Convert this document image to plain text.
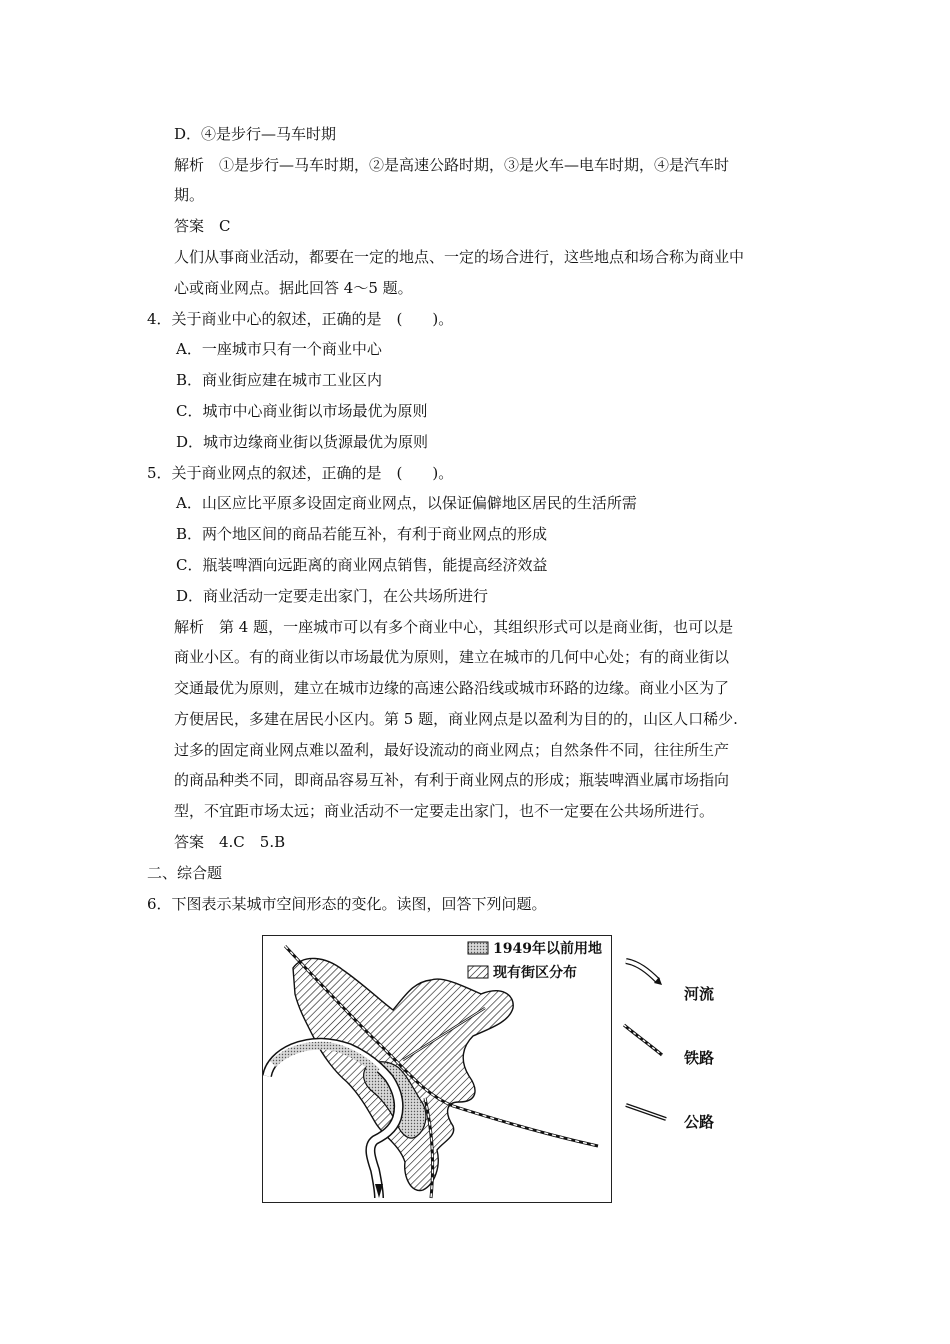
D．④是步行—马车时期
解析　①是步行—马车时期，②是高速公路时期，③是火车—电车时期，④是汽车时
期。
答案　C
人们从事商业活动，都要在一定的地点、一定的场合进行，这些地点和场合称为商业中
心或商业网点。据此回答 4～5 题。
4．关于商业中心的叙述，正确的是　(　　)。
A．一座城市只有一个商业中心
B．商业街应建在城市工业区内
C．城市中心商业街以市场最优为原则
D．城市边缘商业街以货源最优为原则
5．关于商业网点的叙述，正确的是　(　　)。
A．山区应比平原多设固定商业网点，以保证偏僻地区居民的生活所需
B．两个地区间的商品若能互补，有利于商业网点的形成
C．瓶装啤酒向远距离的商业网点销售，能提高经济效益
D．商业活动一定要走出家门，在公共场所进行
解析　第 4 题，一座城市可以有多个商业中心，其组织形式可以是商业街，也可以是
商业小区。有的商业街以市场最优为原则，建立在城市的几何中心处；有的商业街以
交通最优为原则，建立在城市边缘的高速公路沿线或城市环路的边缘。商业小区为了
方便居民，多建在居民小区内。第 5 题，商业网点是以盈利为目的的，山区人口稀少.
过多的固定商业网点难以盈利，最好设流动的商业网点；自然条件不同，往往所生产
的商品种类不同，即商品容易互补，有利于商业网点的形成；瓶装啤酒业属市场指向
型，不宜距市场太远；商业活动不一定要走出家门，也不一定要在公共场所进行。
答案　4.C　5.B
二、综合题
6．下图表示某城市空间形态的变化。读图，回答下列问题。
1949年以前用地
现有街区分布
河流
铁路
公路
